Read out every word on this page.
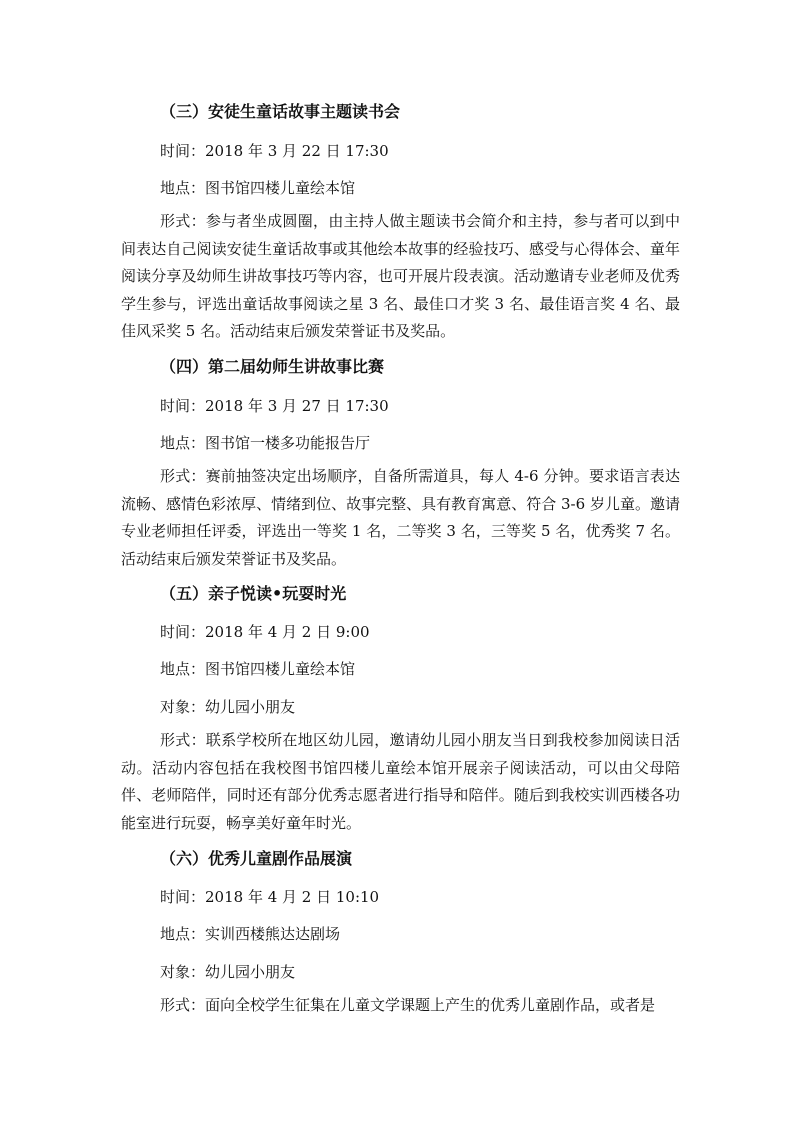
（三）安徒生童话故事主题读书会
时间：2018 年 3 月 22 日 17:30
地点：图书馆四楼儿童绘本馆

形式：参与者坐成圆圈，由主持人做主题读书会简介和主持，参与者可以到中间表达自己阅读安徒生童话故事或其他绘本故事的经验技巧、感受与心得体会、童年阅读分享及幼师生讲故事技巧等内容，也可开展片段表演。活动邀请专业老师及优秀学生参与，评选出童话故事阅读之星 3 名、最佳口才奖 3 名、最佳语言奖 4 名、最佳风采奖 5 名。活动结束后颁发荣誉证书及奖品。

（四）第二届幼师生讲故事比赛
时间：2018 年 3 月 27 日 17:30
地点：图书馆一楼多功能报告厅

形式：赛前抽签决定出场顺序，自备所需道具，每人 4-6 分钟。要求语言表达流畅、感情色彩浓厚、情绪到位、故事完整、具有教育寓意、符合 3-6 岁儿童。邀请专业老师担任评委，评选出一等奖 1 名，二等奖 3 名，三等奖 5 名，优秀奖 7 名。活动结束后颁发荣誉证书及奖品。

（五）亲子悦读•玩耍时光
时间：2018 年 4 月 2 日 9:00
地点：图书馆四楼儿童绘本馆
对象：幼儿园小朋友

形式：联系学校所在地区幼儿园，邀请幼儿园小朋友当日到我校参加阅读日活动。活动内容包括在我校图书馆四楼儿童绘本馆开展亲子阅读活动，可以由父母陪伴、老师陪伴，同时还有部分优秀志愿者进行指导和陪伴。随后到我校实训西楼各功能室进行玩耍，畅享美好童年时光。

（六）优秀儿童剧作品展演
时间：2018 年 4 月 2 日 10:10
地点：实训西楼熊达达剧场
对象：幼儿园小朋友

形式：面向全校学生征集在儿童文学课题上产生的优秀儿童剧作品，或者是
